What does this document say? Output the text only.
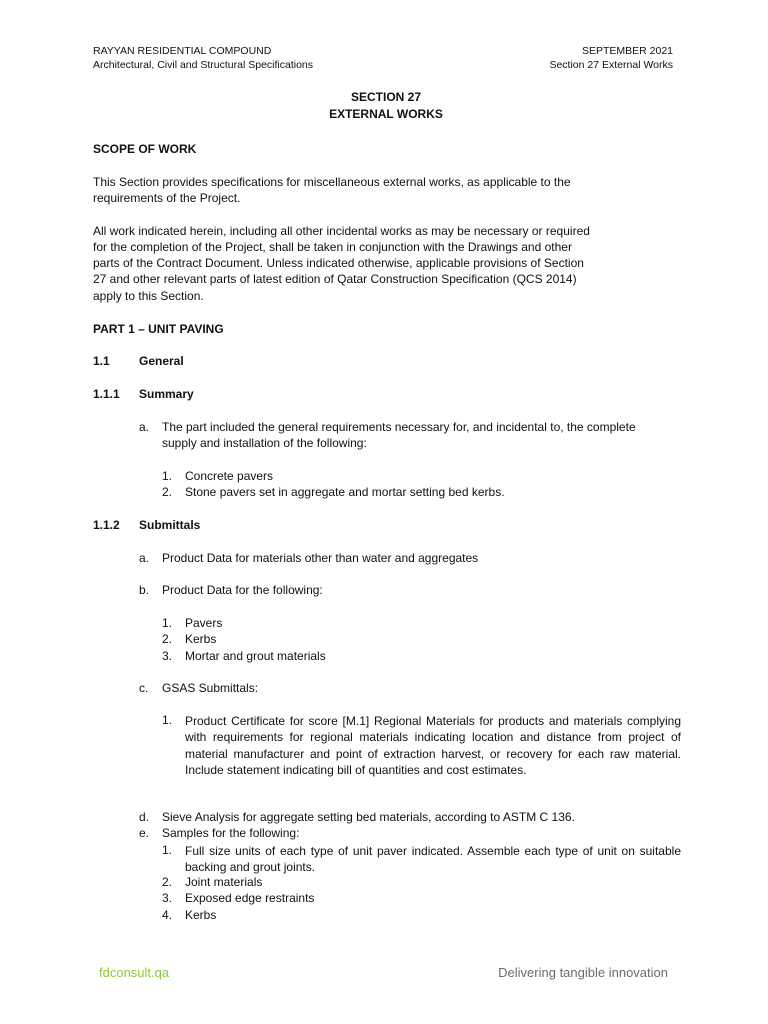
RAYYAN RESIDENTIAL COMPOUND
Architectural, Civil and Structural Specifications
SEPTEMBER 2021
Section 27 External Works
SECTION 27
EXTERNAL WORKS
SCOPE OF WORK
This Section provides specifications for miscellaneous external works, as applicable to the
requirements of the Project.
All work indicated herein, including all other incidental works as may be necessary or required
for the completion of the Project, shall be taken in conjunction with the Drawings and other
parts of the Contract Document. Unless indicated otherwise, applicable provisions of Section
27 and other relevant parts of latest edition of Qatar Construction Specification (QCS 2014)
apply to this Section.
PART 1 – UNIT PAVING
1.1 General
1.1.1 Summary
a. The part included the general requirements necessary for, and incidental to, the complete
supply and installation of the following:
1. Concrete pavers
2. Stone pavers set in aggregate and mortar setting bed kerbs.
1.1.2 Submittals
a. Product Data for materials other than water and aggregates
b. Product Data for the following:
1. Pavers
2. Kerbs
3. Mortar and grout materials
c. GSAS Submittals:
1. Product Certificate for score [M.1] Regional Materials for products and materials complying with requirements for regional materials indicating location and distance from project of material manufacturer and point of extraction harvest, or recovery for each raw material. Include statement indicating bill of quantities and cost estimates.
d. Sieve Analysis for aggregate setting bed materials, according to ASTM C 136.
e. Samples for the following:
1. Full size units of each type of unit paver indicated. Assemble each type of unit on suitable backing and grout joints.
2. Joint materials
3. Exposed edge restraints
4. Kerbs
fdconsult.qa	Delivering tangible innovation
